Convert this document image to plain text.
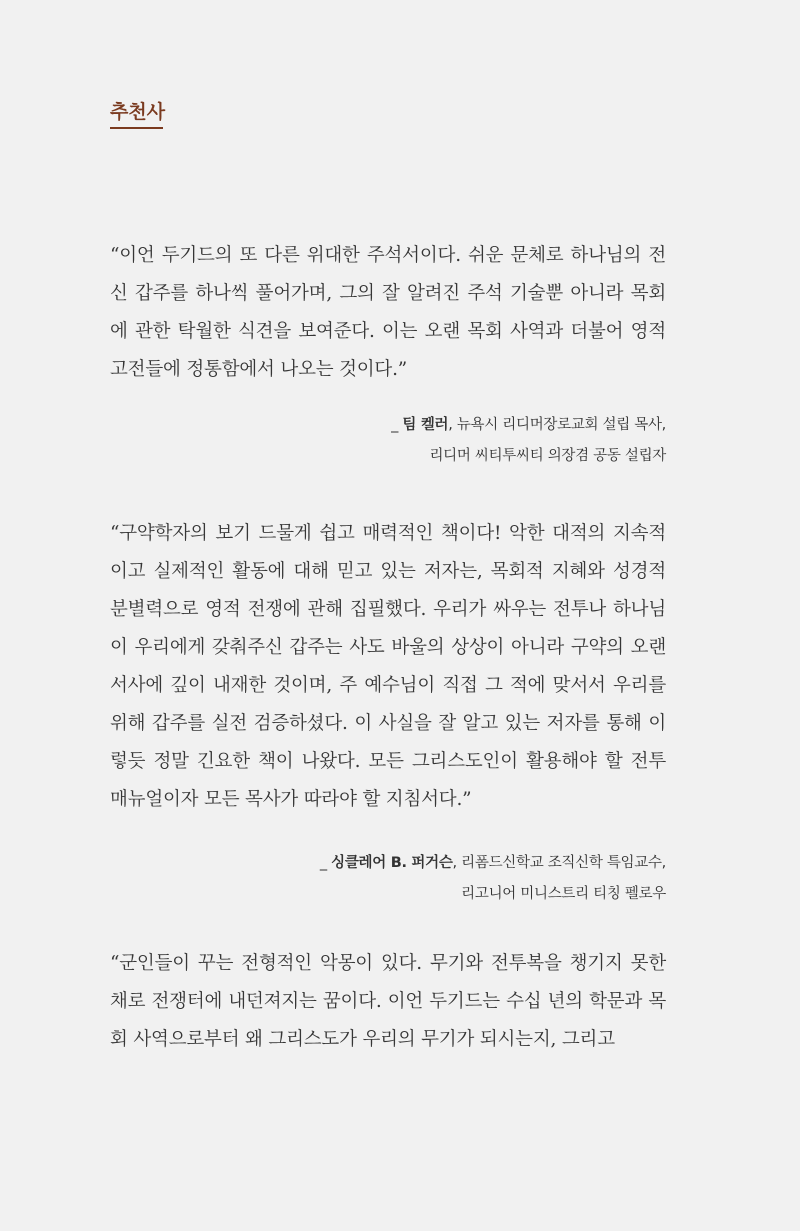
추천사

“이언 두기드의 또 다른 위대한 주석서이다. 쉬운 문체로 하나님의 전신 갑주를 하나씩 풀어가며, 그의 잘 알려진 주석 기술뿐 아니라 목회에 관한 탁월한 식견을 보여준다. 이는 오랜 목회 사역과 더불어 영적 고전들에 정통함에서 나오는 것이다.”

_ 팀 켈러, 뉴욕시 리디머장로교회 설립 목사,
리디머 씨티투씨티 의장겸 공동 설립자

“구약학자의 보기 드물게 쉽고 매력적인 책이다! 악한 대적의 지속적이고 실제적인 활동에 대해 믿고 있는 저자는, 목회적 지혜와 성경적 분별력으로 영적 전쟁에 관해 집필했다. 우리가 싸우는 전투나 하나님이 우리에게 갖춰주신 갑주는 사도 바울의 상상이 아니라 구약의 오랜 서사에 깊이 내재한 것이며, 주 예수님이 직접 그 적에 맞서서 우리를 위해 갑주를 실전 검증하셨다. 이 사실을 잘 알고 있는 저자를 통해 이렇듯 정말 긴요한 책이 나왔다. 모든 그리스도인이 활용해야 할 전투 매뉴얼이자 모든 목사가 따라야 할 지침서다.”

_ 싱클레어 B. 퍼거슨, 리폼드신학교 조직신학 특임교수,
리고니어 미니스트리 티칭 펠로우

“군인들이 꾸는 전형적인 악몽이 있다. 무기와 전투복을 챙기지 못한 채로 전쟁터에 내던져지는 꿈이다. 이언 두기드는 수십 년의 학문과 목회 사역으로부터 왜 그리스도가 우리의 무기가 되시는지, 그리고
